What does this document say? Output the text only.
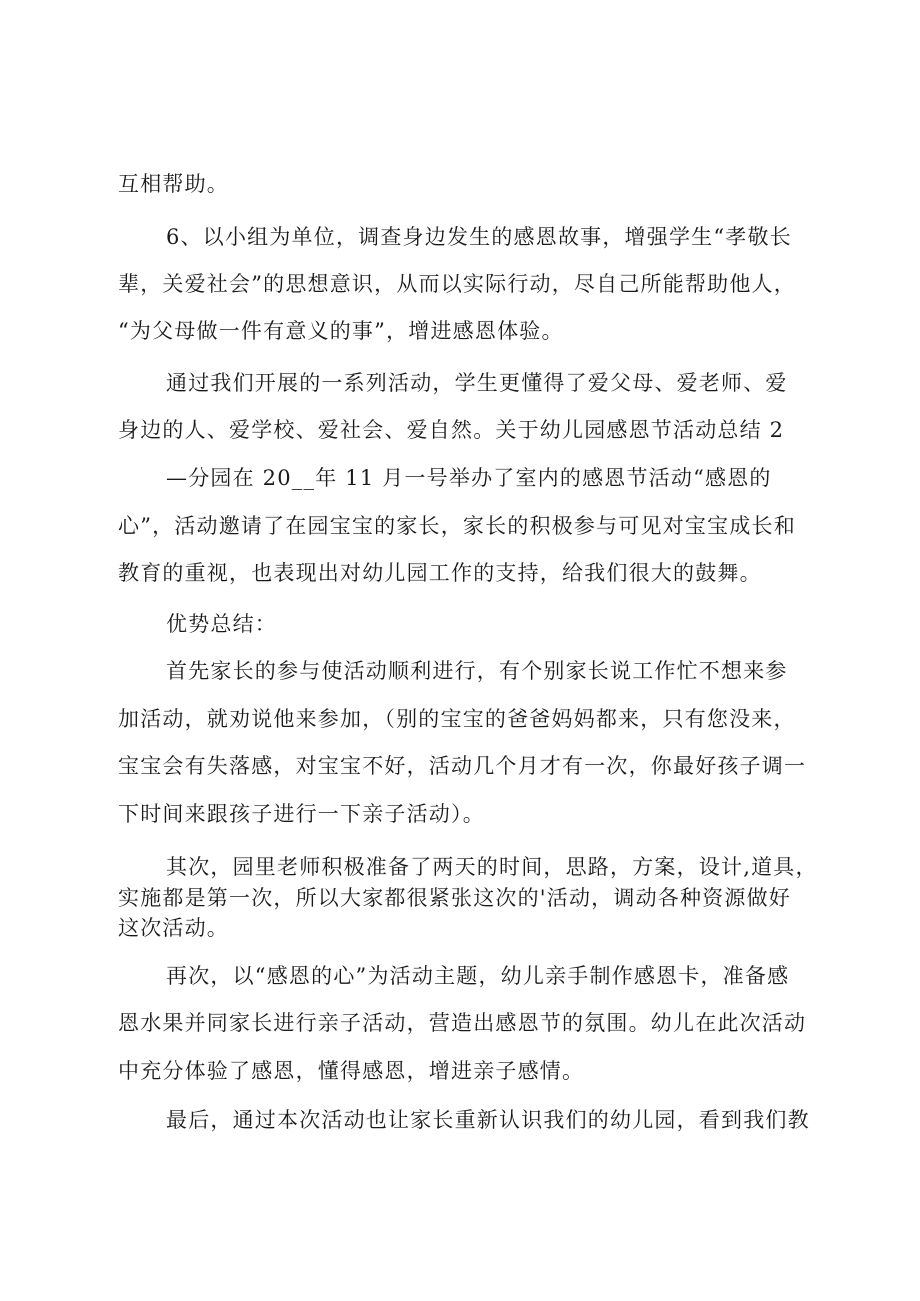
互相帮助。
6、以小组为单位，调查身边发生的感恩故事，增强学生“孝敬长
辈，关爱社会”的思想意识，从而以实际行动，尽自己所能帮助他人，
“为父母做一件有意义的事”，增进感恩体验。
通过我们开展的一系列活动，学生更懂得了爱父母、爱老师、爱
身边的人、爱学校、爱社会、爱自然。关于幼儿园感恩节活动总结 2
—分园在 20__年 11 月一号举办了室内的感恩节活动“感恩的
心”，活动邀请了在园宝宝的家长，家长的积极参与可见对宝宝成长和
教育的重视，也表现出对幼儿园工作的支持，给我们很大的鼓舞。
优势总结：
首先家长的参与使活动顺利进行，有个别家长说工作忙不想来参
加活动，就劝说他来参加，（别的宝宝的爸爸妈妈都来，只有您没来，
宝宝会有失落感，对宝宝不好，活动几个月才有一次，你最好孩子调一
下时间来跟孩子进行一下亲子活动）。
其次，园里老师积极准备了两天的时间，思路，方案，设计,道具，
实施都是第一次，所以大家都很紧张这次的'活动，调动各种资源做好
这次活动。
再次，以“感恩的心”为活动主题，幼儿亲手制作感恩卡，准备感
恩水果并同家长进行亲子活动，营造出感恩节的氛围。幼儿在此次活动
中充分体验了感恩，懂得感恩，增进亲子感情。
最后，通过本次活动也让家长重新认识我们的幼儿园，看到我们教
